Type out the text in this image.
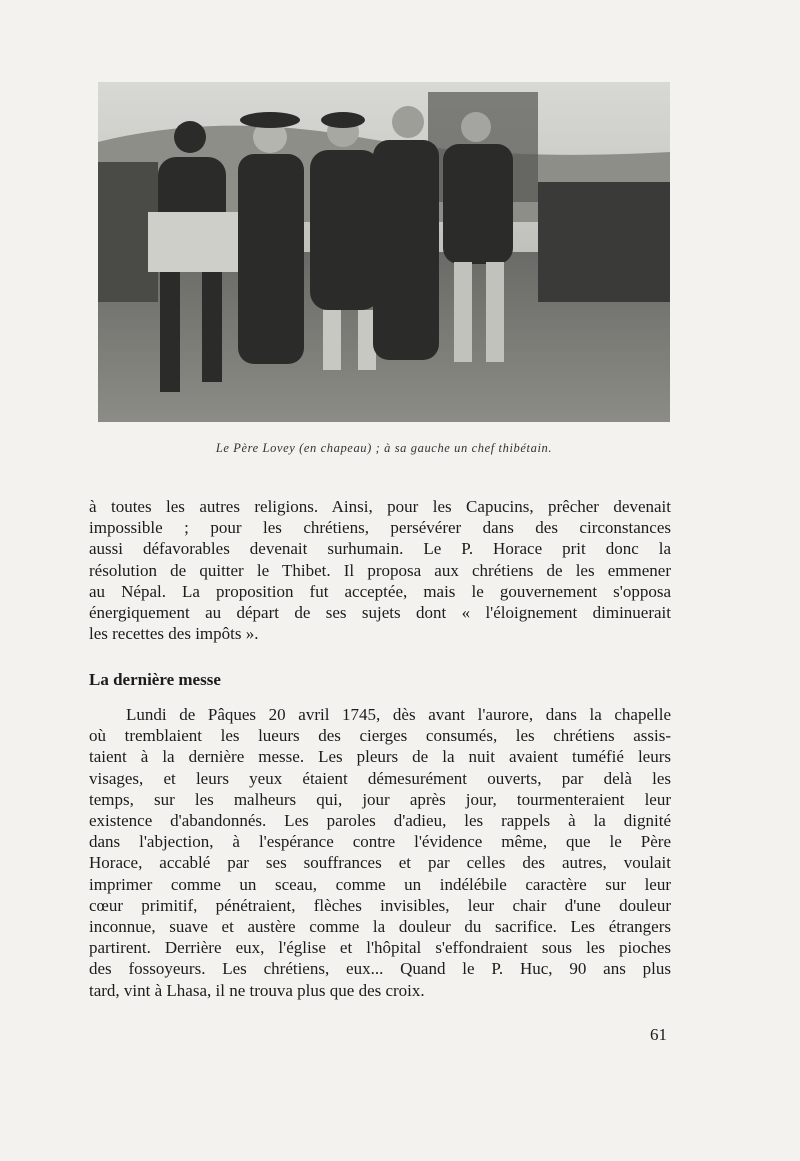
Le Père Lovey (en chapeau) ; à sa gauche un chef thibétain.
à toutes les autres religions. Ainsi, pour les Capucins, prêcher devenait
impossible ; pour les chrétiens, persévérer dans des circonstances
aussi défavorables devenait surhumain. Le P. Horace prit donc la
résolution de quitter le Thibet. Il proposa aux chrétiens de les emmener
au Népal. La proposition fut acceptée, mais le gouvernement s'opposa
énergiquement au départ de ses sujets dont « l'éloignement diminuerait
les recettes des impôts ».
La dernière messe
Lundi de Pâques 20 avril 1745, dès avant l'aurore, dans la chapelle
où tremblaient les lueurs des cierges consumés, les chrétiens assis-
taient à la dernière messe. Les pleurs de la nuit avaient tuméfié leurs
visages, et leurs yeux étaient démesurément ouverts, par delà les
temps, sur les malheurs qui, jour après jour, tourmenteraient leur
existence d'abandonnés. Les paroles d'adieu, les rappels à la dignité
dans l'abjection, à l'espérance contre l'évidence même, que le Père
Horace, accablé par ses souffrances et par celles des autres, voulait
imprimer comme un sceau, comme un indélébile caractère sur leur
cœur primitif, pénétraient, flèches invisibles, leur chair d'une douleur
inconnue, suave et austère comme la douleur du sacrifice. Les étrangers
partirent. Derrière eux, l'église et l'hôpital s'effondraient sous les pioches
des fossoyeurs. Les chrétiens, eux... Quand le P. Huc, 90 ans plus
tard, vint à Lhasa, il ne trouva plus que des croix.
61
